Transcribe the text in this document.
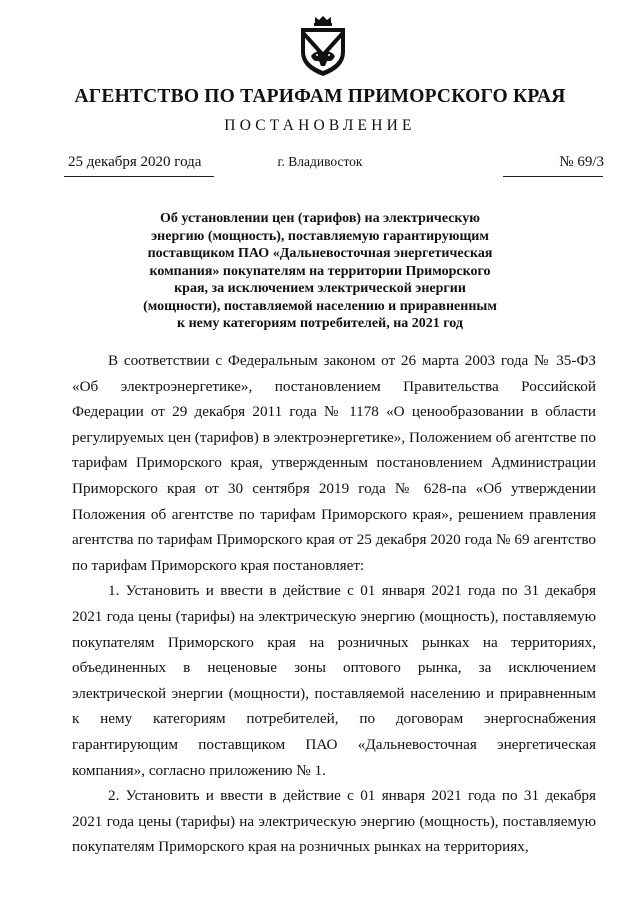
АГЕНТСТВО ПО ТАРИФАМ ПРИМОРСКОГО КРАЯ
ПОСТАНОВЛЕНИЕ
25 декабря 2020 года	г. Владивосток	№ 69/3
Об установлении цен (тарифов) на электрическую
энергию (мощность), поставляемую гарантирующим
поставщиком ПАО «Дальневосточная энергетическая
компания» покупателям на территории Приморского
края, за исключением электрической энергии
(мощности), поставляемой населению и приравненным
к нему категориям потребителей, на 2021 год

В соответствии с Федеральным законом от 26 марта 2003 года № 35-ФЗ «Об электроэнергетике», постановлением Правительства Российской Федерации от 29 декабря 2011 года № 1178 «О ценообразовании в области регулируемых цен (тарифов) в электроэнергетике», Положением об агентстве по тарифам Приморского края, утвержденным постановлением Администрации Приморского края от 30 сентября 2019 года № 628-па «Об утверждении Положения об агентстве по тарифам Приморского края», решением правления агентства по тарифам Приморского края от 25 декабря 2020 года № 69 агентство по тарифам Приморского края постановляет:

1. Установить и ввести в действие с 01 января 2021 года по 31 декабря 2021 года цены (тарифы) на электрическую энергию (мощность), поставляемую покупателям Приморского края на розничных рынках на территориях, объединенных в неценовые зоны оптового рынка, за исключением электрической энергии (мощности), поставляемой населению и приравненным к нему категориям потребителей, по договорам энергоснабжения гарантирующим поставщиком ПАО «Дальневосточная энергетическая компания», согласно приложению № 1.

2. Установить и ввести в действие с 01 января 2021 года по 31 декабря 2021 года цены (тарифы) на электрическую энергию (мощность), поставляемую покупателям Приморского края на розничных рынках на территориях,
